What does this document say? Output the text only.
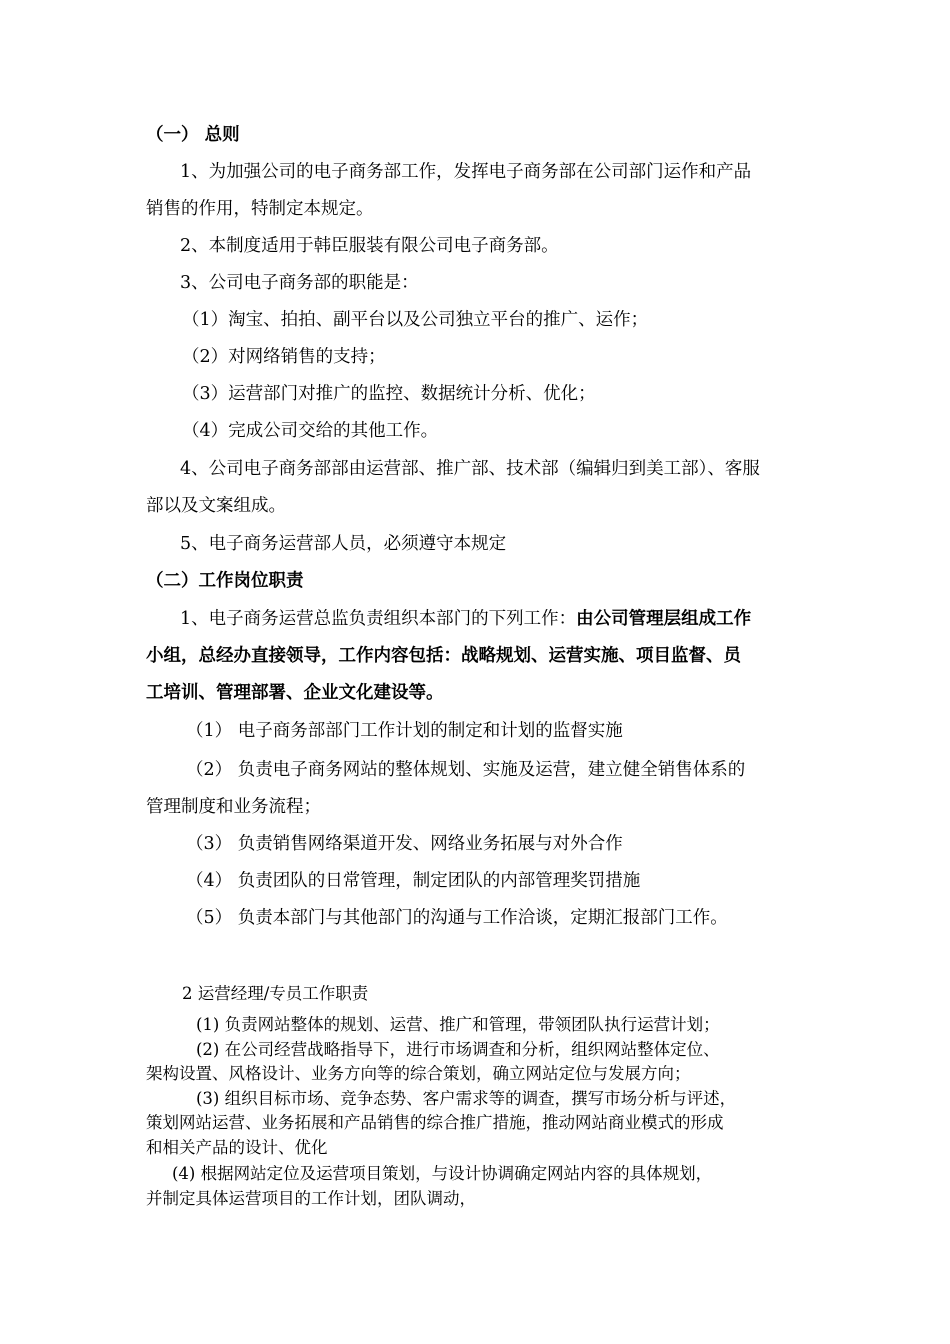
（一） 总则
1、为加强公司的电子商务部工作，发挥电子商务部在公司部门运作和产品
销售的作用，特制定本规定。
2、本制度适用于韩臣服装有限公司电子商务部。
3、公司电子商务部的职能是：
（1）淘宝、拍拍、副平台以及公司独立平台的推广、运作；
（2）对网络销售的支持；
（3）运营部门对推广的监控、数据统计分析、优化；
（4）完成公司交给的其他工作。
4、公司电子商务部部由运营部、推广部、技术部（编辑归到美工部）、客服
部以及文案组成。
5、电子商务运营部人员，必须遵守本规定
（二）工作岗位职责
1、电子商务运营总监负责组织本部门的下列工作：由公司管理层组成工作
小组，总经办直接领导，工作内容包括：战略规划、运营实施、项目监督、员
工培训、管理部署、企业文化建设等。
（1） 电子商务部部门工作计划的制定和计划的监督实施
（2） 负责电子商务网站的整体规划、实施及运营，建立健全销售体系的
管理制度和业务流程；
（3） 负责销售网络渠道开发、网络业务拓展与对外合作
（4） 负责团队的日常管理，制定团队的内部管理奖罚措施
（5） 负责本部门与其他部门的沟通与工作洽谈，定期汇报部门工作。
2 运营经理/专员工作职责
(1) 负责网站整体的规划、运营、推广和管理，带领团队执行运营计划；
(2) 在公司经营战略指导下，进行市场调查和分析，组织网站整体定位、
架构设置、风格设计、业务方向等的综合策划，确立网站定位与发展方向；
(3) 组织目标市场、竞争态势、客户需求等的调查，撰写市场分析与评述，
策划网站运营、业务拓展和产品销售的综合推广措施，推动网站商业模式的形成
和相关产品的设计、优化
(4) 根据网站定位及运营项目策划，与设计协调确定网站内容的具体规划，
并制定具体运营项目的工作计划，团队调动，
